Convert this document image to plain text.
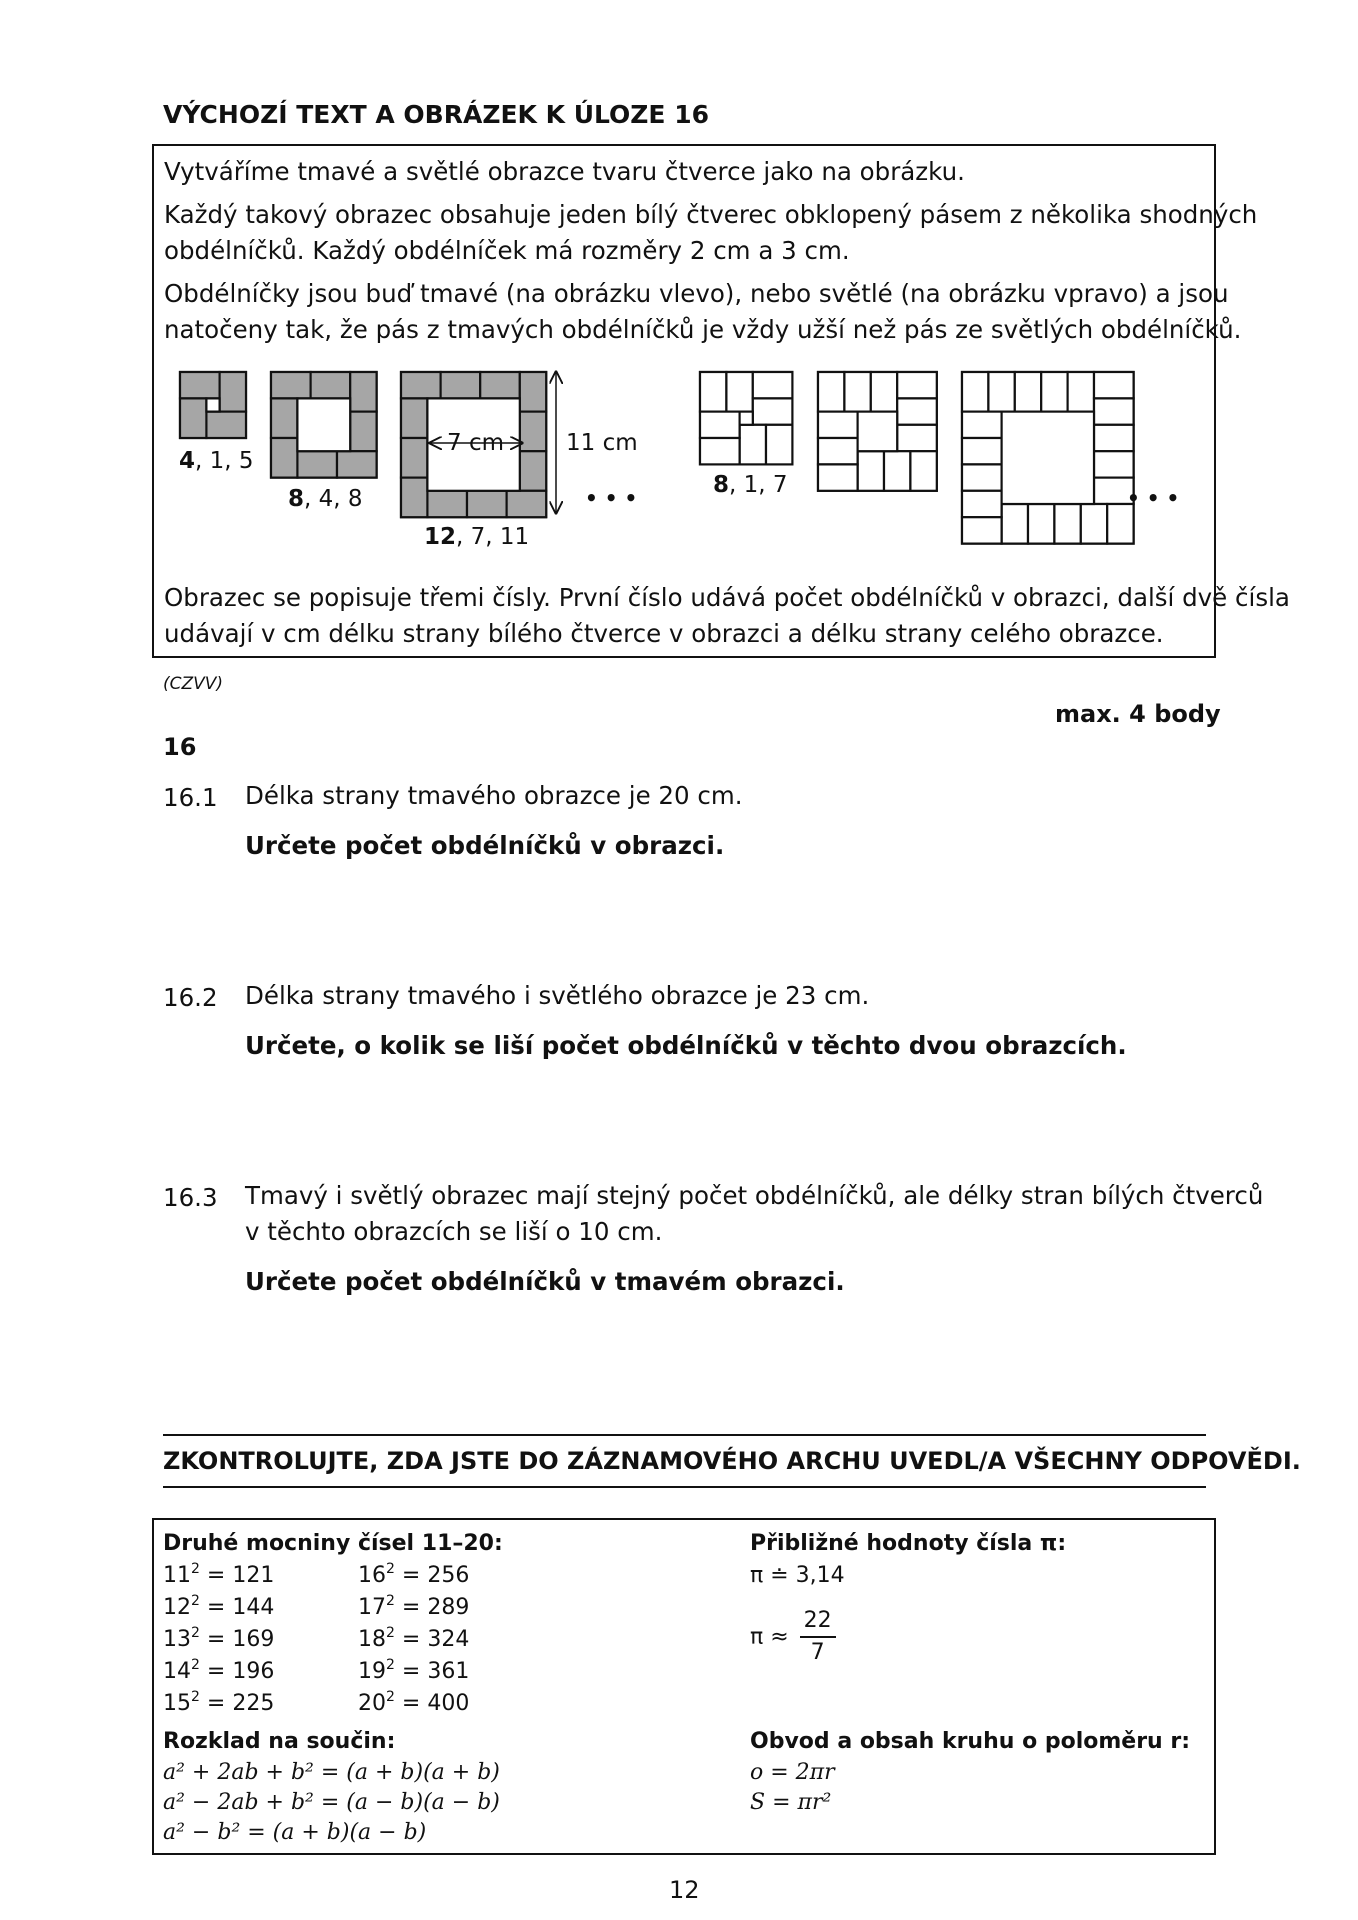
VÝCHOZÍ TEXT A OBRÁZEK K ÚLOZE 16
Vytváříme tmavé a světlé obrazce tvaru čtverce jako na obrázku.
Každý takový obrazec obsahuje jeden bílý čtverec obklopený pásem z několika shodných
obdélníčků. Každý obdélníček má rozměry 2 cm a 3 cm.
Obdélníčky jsou buď tmavé (na obrázku vlevo), nebo světlé (na obrázku vpravo) a jsou
natočeny tak, že pás z tmavých obdélníčků je vždy užší než pás ze světlých obdélníčků.
4, 1, 5
8, 4, 8
12, 7, 11
8, 1, 7
7 cm	11 cm
• • •	• • •
Obrazec se popisuje třemi čísly. První číslo udává počet obdélníčků v obrazci, další dvě čísla
udávají v cm délku strany bílého čtverce v obrazci a délku strany celého obrazce.
(CZVV)
max. 4 body
16
16.1 Délka strany tmavého obrazce je 20 cm.
Určete počet obdélníčků v obrazci.
16.2 Délka strany tmavého i světlého obrazce je 23 cm.
Určete, o kolik se liší počet obdélníčků v těchto dvou obrazcích.
16.3 Tmavý i světlý obrazec mají stejný počet obdélníčků, ale délky stran bílých čtverců
v těchto obrazcích se liší o 10 cm.
Určete počet obdélníčků v tmavém obrazci.
ZKONTROLUJTE, ZDA JSTE DO ZÁZNAMOVÉHO ARCHU UVEDL/A VŠECHNY ODPOVĚDI.
Druhé mocniny čísel 11–20:
$11^2 = 121$
$12^2 = 144$
$13^2 = 169$
$14^2 = 196$
$15^2 = 225$
$16^2 = 256$
$17^2 = 289$
$18^2 = 324$
$19^2 = 361$
$20^2 = 400$
Rozklad na součin:
a² + 2ab + b² = (a + b)(a + b)
a² − 2ab + b² = (a − b)(a − b)
a² − b² = (a + b)(a − b)
Přibližné hodnoty čísla π:
π ≐ 3,14
$\pi \approx \frac{22}{7}$
Obvod a obsah kruhu o poloměru r:
o = 2πr
S = πr²
12
